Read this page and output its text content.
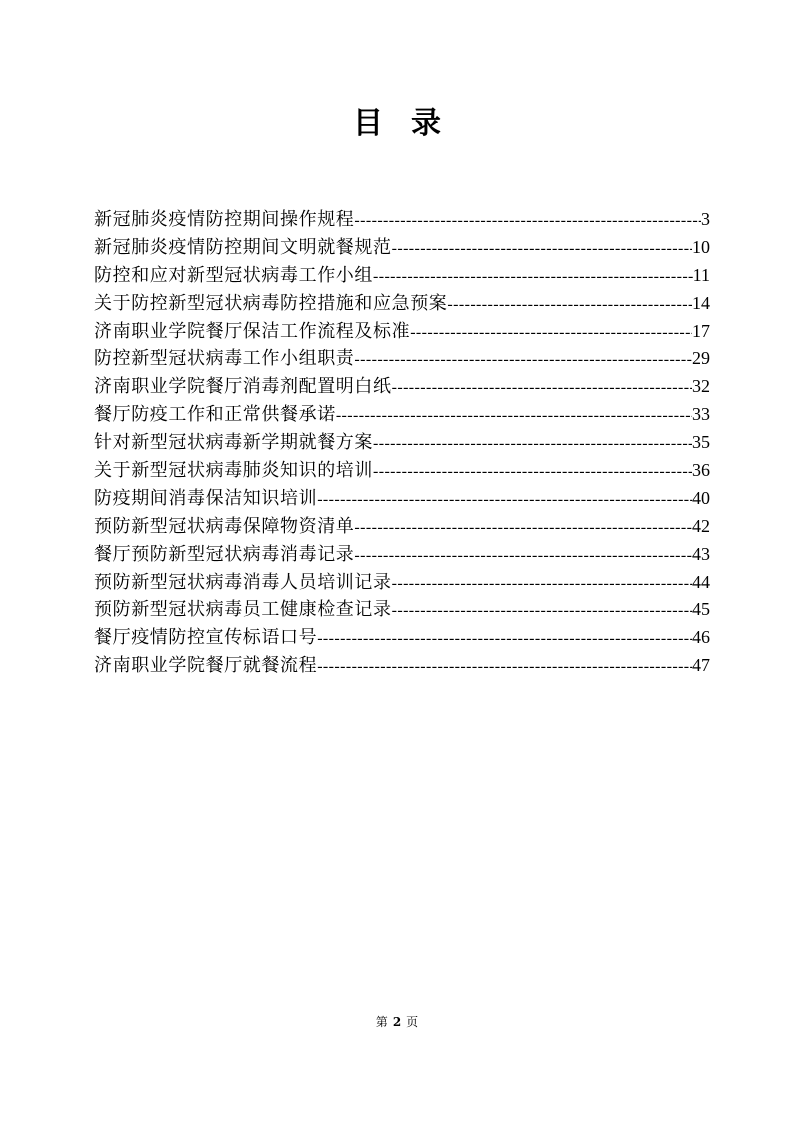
目录
新冠肺炎疫情防控期间操作规程 -----	3
新冠肺炎疫情防控期间文明就餐规范 -----	10
防控和应对新型冠状病毒工作小组 -----	11
关于防控新型冠状病毒防控措施和应急预案 -----	14
济南职业学院餐厅保洁工作流程及标准 -----	17
防控新型冠状病毒工作小组职责 -----	29
济南职业学院餐厅消毒剂配置明白纸 -----	32
餐厅防疫工作和正常供餐承诺 -----	33
针对新型冠状病毒新学期就餐方案 -----	35
关于新型冠状病毒肺炎知识的培训 -----	36
防疫期间消毒保洁知识培训 -----	40
预防新型冠状病毒保障物资清单 -----	42
餐厅预防新型冠状病毒消毒记录 -----	43
预防新型冠状病毒消毒人员培训记录 -----	44
预防新型冠状病毒员工健康检查记录 -----	45
餐厅疫情防控宣传标语口号 -----	46
济南职业学院餐厅就餐流程 -----	47
第 2 页
